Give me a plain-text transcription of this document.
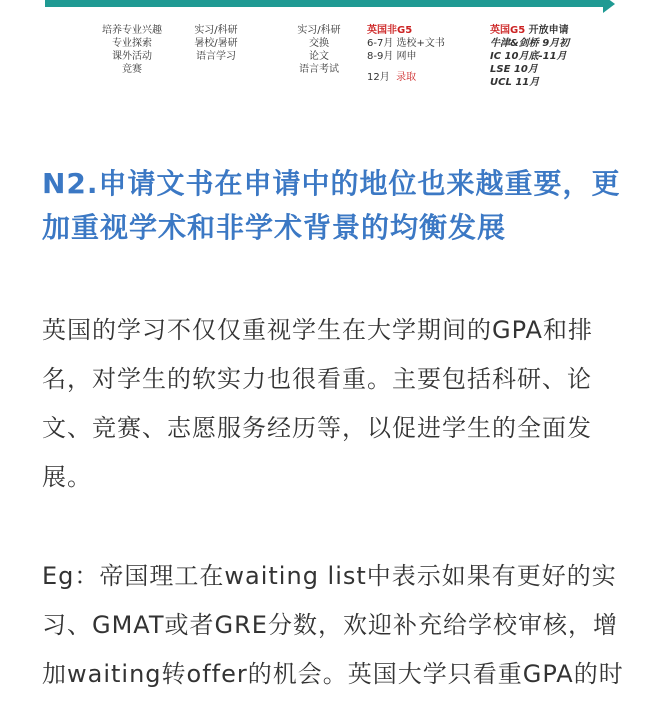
培养专业兴趣
专业探索
课外活动
竞赛
实习/科研
暑校/暑研
语言学习
实习/科研
交换
论文
语言考试
英国非G5
6-7月 选校+文书
8-9月 网申
12月 录取
英国G5 开放申请
牛津&剑桥 9月初
IC 10月底-11月
LSE 10月
UCL 11月
N2.申请文书在申请中的地位也来越重要，更
加重视学术和非学术背景的均衡发展
英国的学习不仅仅重视学生在大学期间的GPA和排
名，对学生的软实力也很看重。主要包括科研、论
文、竞赛、志愿服务经历等，以促进学生的全面发
展。
Eg：帝国理工在waiting list中表示如果有更好的实
习、GMAT或者GRE分数，欢迎补充给学校审核，增
加waiting转offer的机会。英国大学只看重GPA的时
